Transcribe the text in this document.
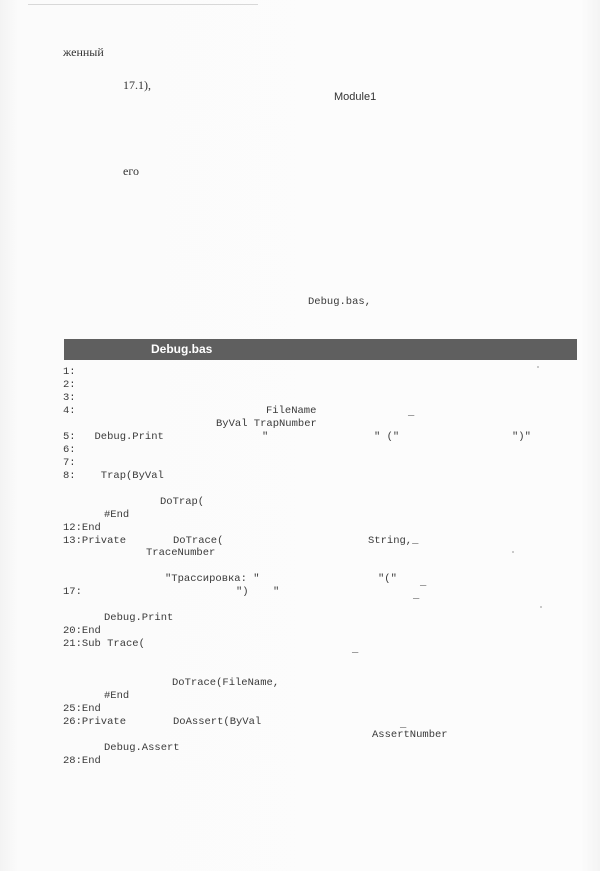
женный
17.1),
Module1
его
Debug.bas,
Debug.bas
1:
2:
3:
4:	FileName	_
ByVal TrapNumber
5:   Debug.Print	"	" ("	")"
6:
7:
8:    Trap(ByVal
DoTrap(
#End
12:End
13:Private	DoTrace(	String,_
TraceNumber
"Трассировка: "	"(" _
17:	") "	_
Debug.Print
20:End
21:Sub Trace(	_
DoTrace(FileName,
#End
25:End
26:Private	DoAssert(ByVal	_
AssertNumber
Debug.Assert
28:End
